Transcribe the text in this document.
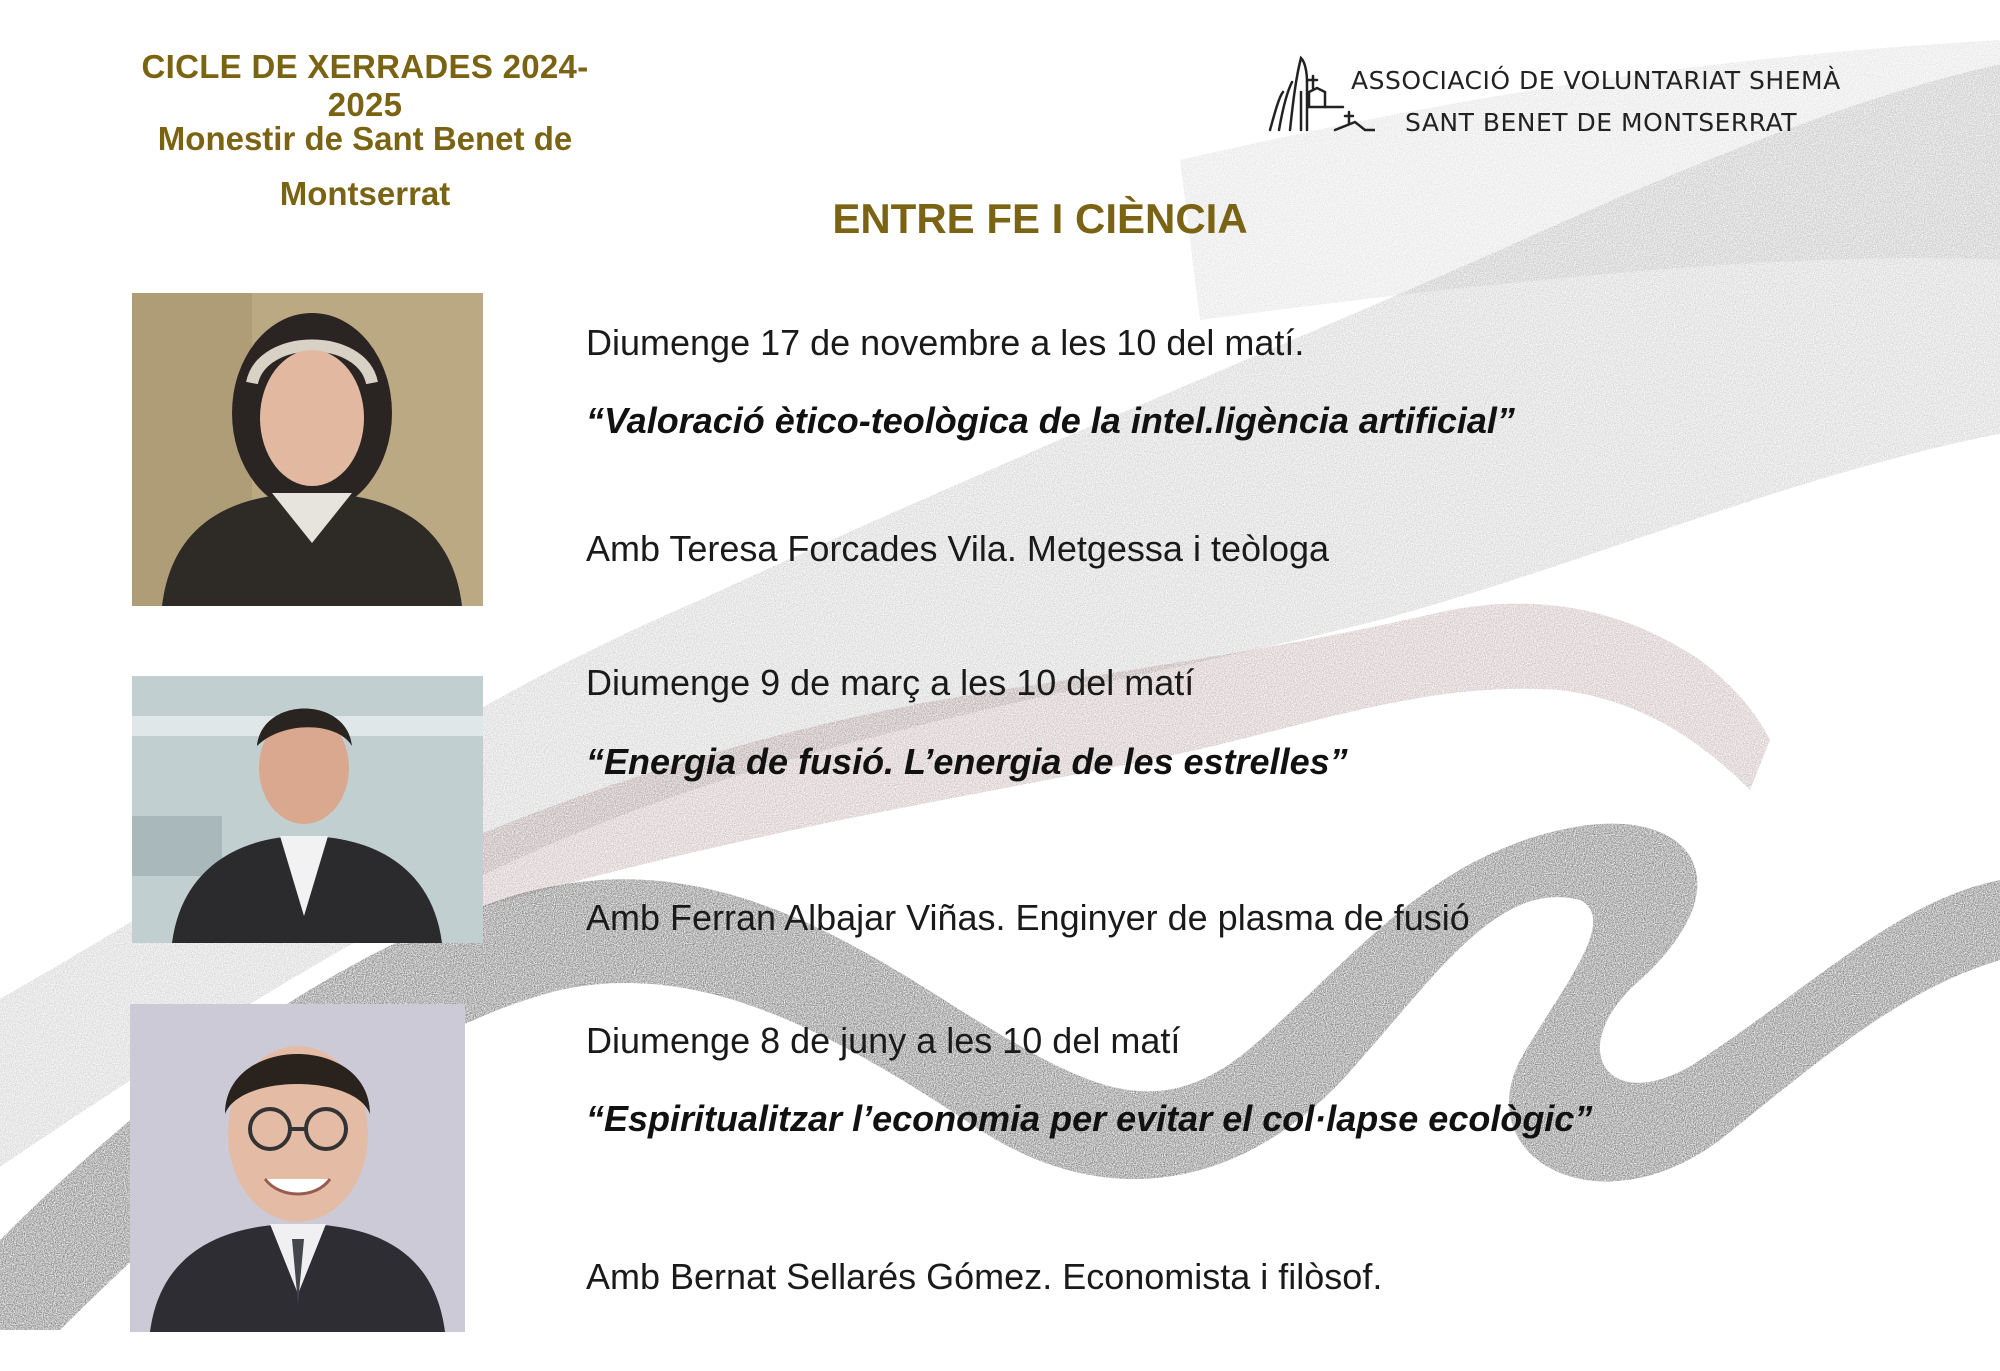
CICLE DE XERRADES 2024-2025
Monestir de Sant Benet de
Montserrat
ENTRE FE I CIÈNCIA
ASSOCIACIÓ DE VOLUNTARIAT SHEMÀ
SANT BENET DE MONTSERRAT
Diumenge 17 de novembre a les 10 del matí.
“Valoració ètico-teològica de la intel.ligència artificial”
Amb Teresa Forcades Vila. Metgessa i teòloga
Diumenge 9 de març a les 10 del matí
“Energia de fusió. L’energia de les estrelles”
Amb Ferran Albajar Viñas. Enginyer de plasma de fusió
Diumenge 8 de juny a les 10 del matí
“Espiritualitzar l’economia per evitar el col·lapse ecològic”
Amb Bernat Sellarés Gómez. Economista i filòsof.
